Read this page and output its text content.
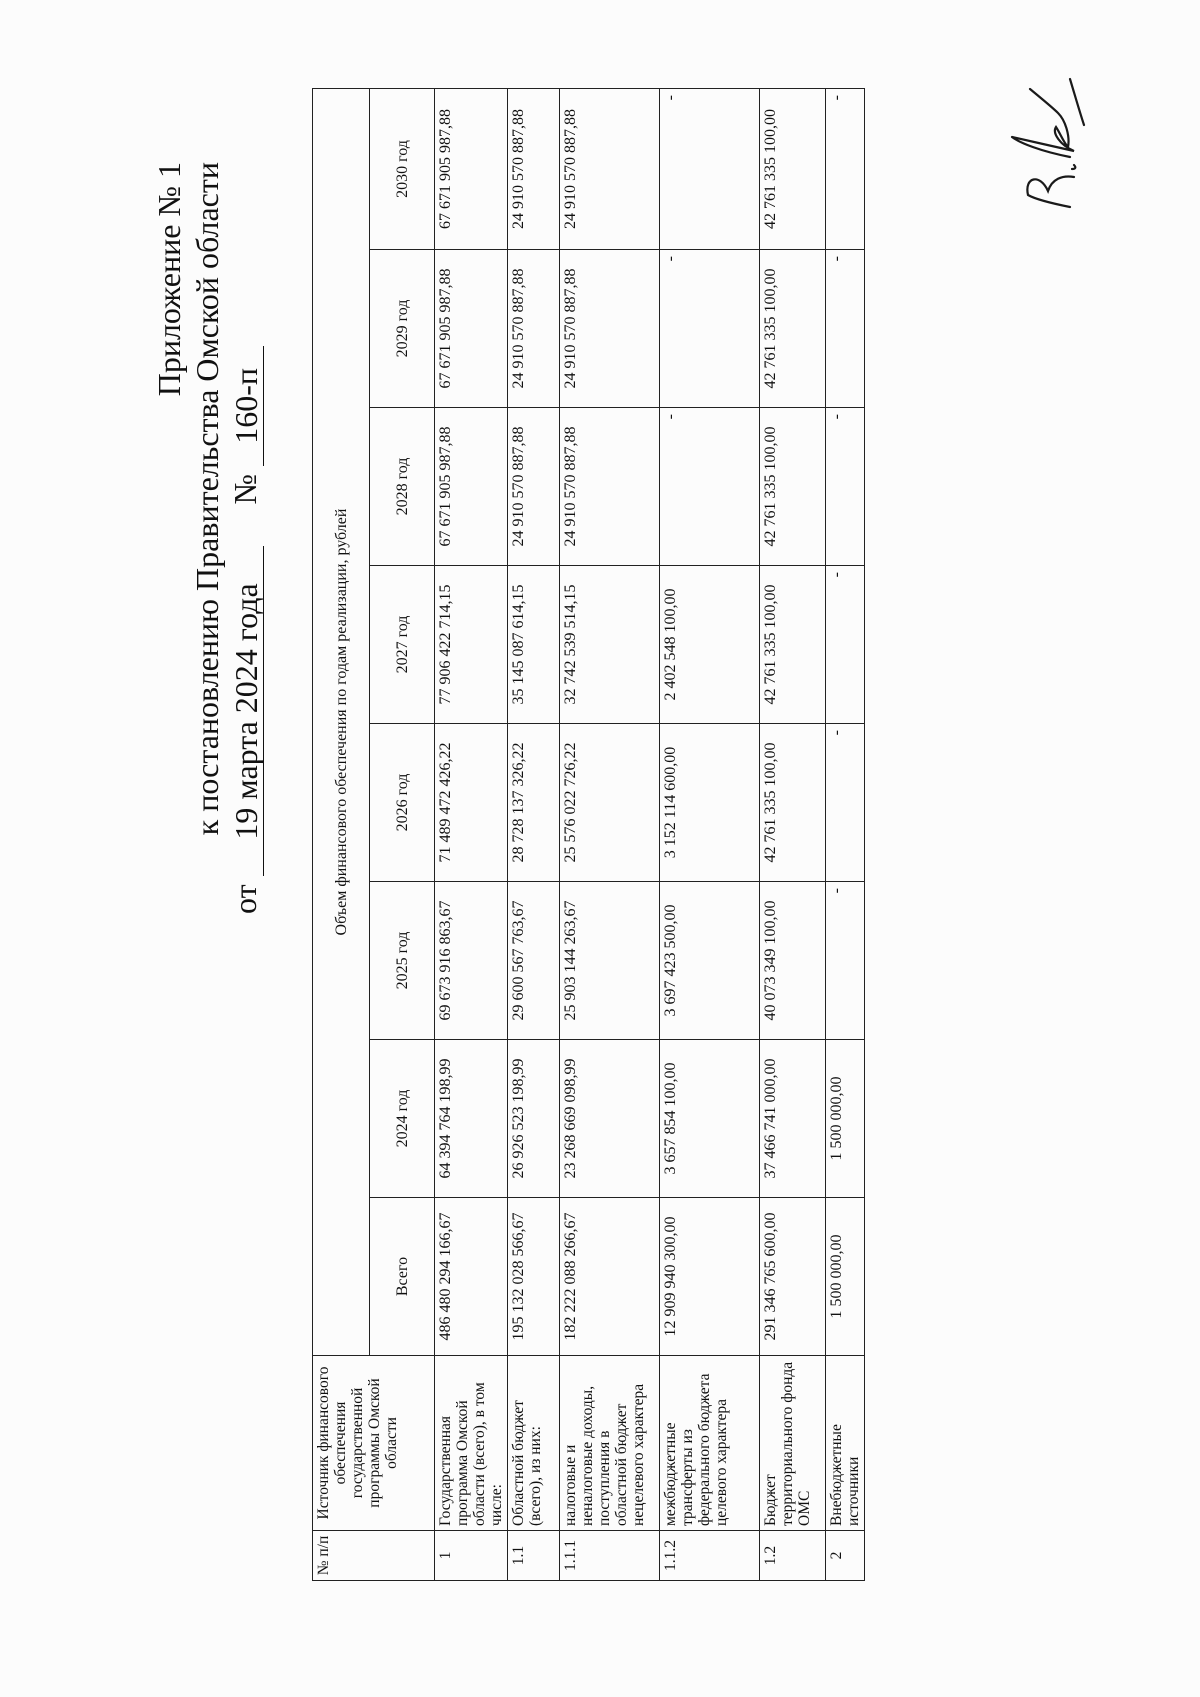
Приложение № 1 к постановлению Правительства Омской области
от 19 марта 2024 года  № 160-п
№ п/п	Источник финансового обеспечения государственной программы Омской области	Объем финансового обеспечения по годам реализации, рублей							
		Всего	2024 год	2025 год	2026 год	2027 год	2028 год	2029 год	2030 год
1	Государственная программа Омской области (всего), в том числе:	486 480 294 166,67	64 394 764 198,99	69 673 916 863,67	71 489 472 426,22	77 906 422 714,15	67 671 905 987,88	67 671 905 987,88	67 671 905 987,88
1.1	Областной бюджет (всего), из них:	195 132 028 566,67	26 926 523 198,99	29 600 567 763,67	28 728 137 326,22	35 145 087 614,15	24 910 570 887,88	24 910 570 887,88	24 910 570 887,88
1.1.1	налоговые и неналоговые доходы, поступления в областной бюджет нецелевого характера	182 222 088 266,67	23 268 669 098,99	25 903 144 263,67	25 576 022 726,22	32 742 539 514,15	24 910 570 887,88	24 910 570 887,88	24 910 570 887,88
1.1.2	межбюджетные трансферты из федерального бюджета целевого характера	12 909 940 300,00	3 657 854 100,00	3 697 423 500,00	3 152 114 600,00	2 402 548 100,00	-	-	-
1.2	Бюджет территориального фонда ОМС	291 346 765 600,00	37 466 741 000,00	40 073 349 100,00	42 761 335 100,00	42 761 335 100,00	42 761 335 100,00	42 761 335 100,00	42 761 335 100,00
2	Внебюджетные источники	1 500 000,00	1 500 000,00	-	-	-	-	-	-
